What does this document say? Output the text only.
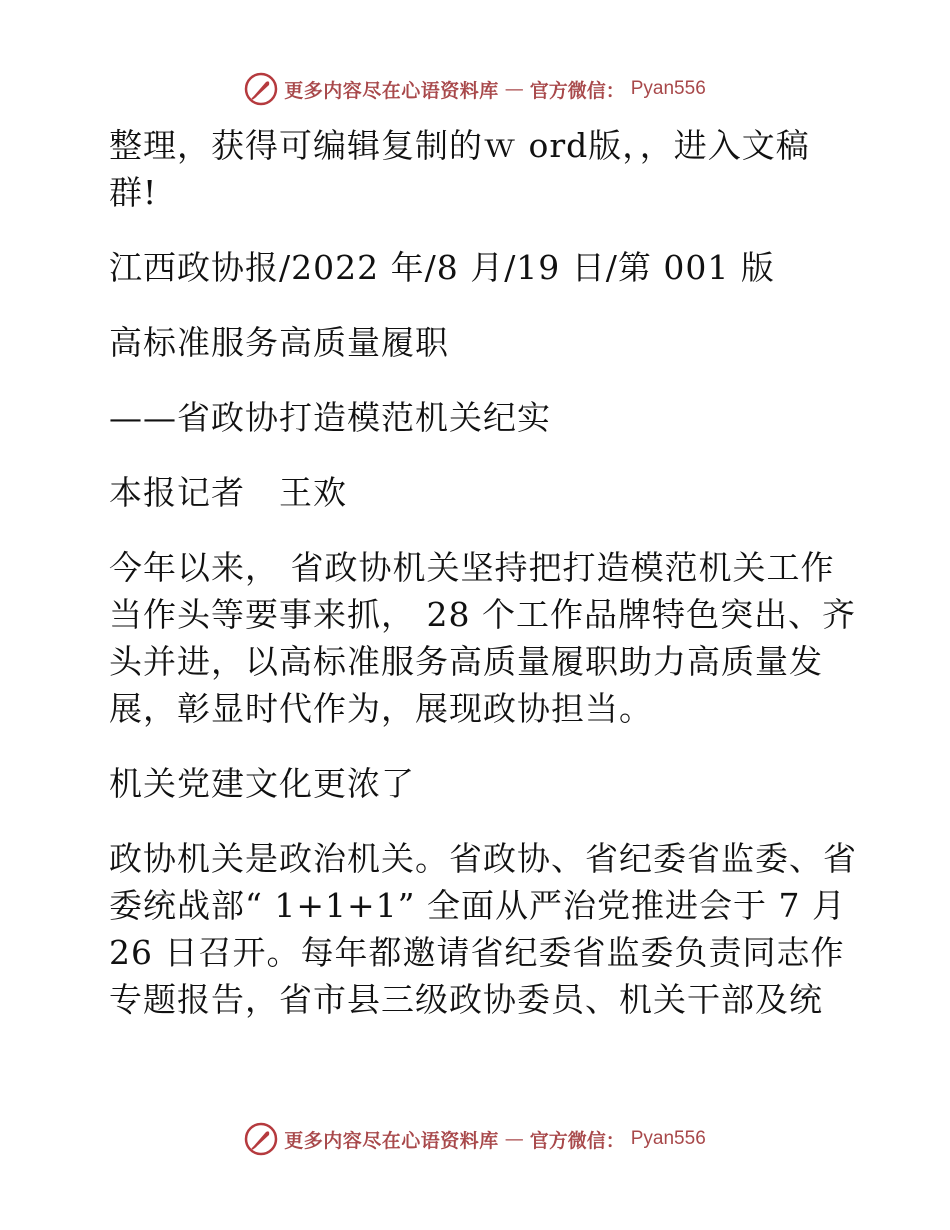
更多内容尽在心语资料库 — 官方微信： Pyan556

整理，获得可编辑复制的ｗ ord版，，进入文稿群!

江西政协报/2022 年/8 月/19 日/第 001 版

高标准服务高质量履职

——省政协打造模范机关纪实

本报记者　王欢

今年以来， 省政协机关坚持把打造模范机关工作当作头等要事来抓， 28 个工作品牌特色突出、齐头并进，以高标准服务高质量履职助力高质量发展，彰显时代作为，展现政协担当。

机关党建文化更浓了

政协机关是政治机关。省政协、省纪委省监委、省委统战部“ 1+1+1” 全面从严治党推进会于 7 月 26 日召开。每年都邀请省纪委省监委负责同志作专题报告，省市县三级政协委员、机关干部及统

更多内容尽在心语资料库 — 官方微信： Pyan556
